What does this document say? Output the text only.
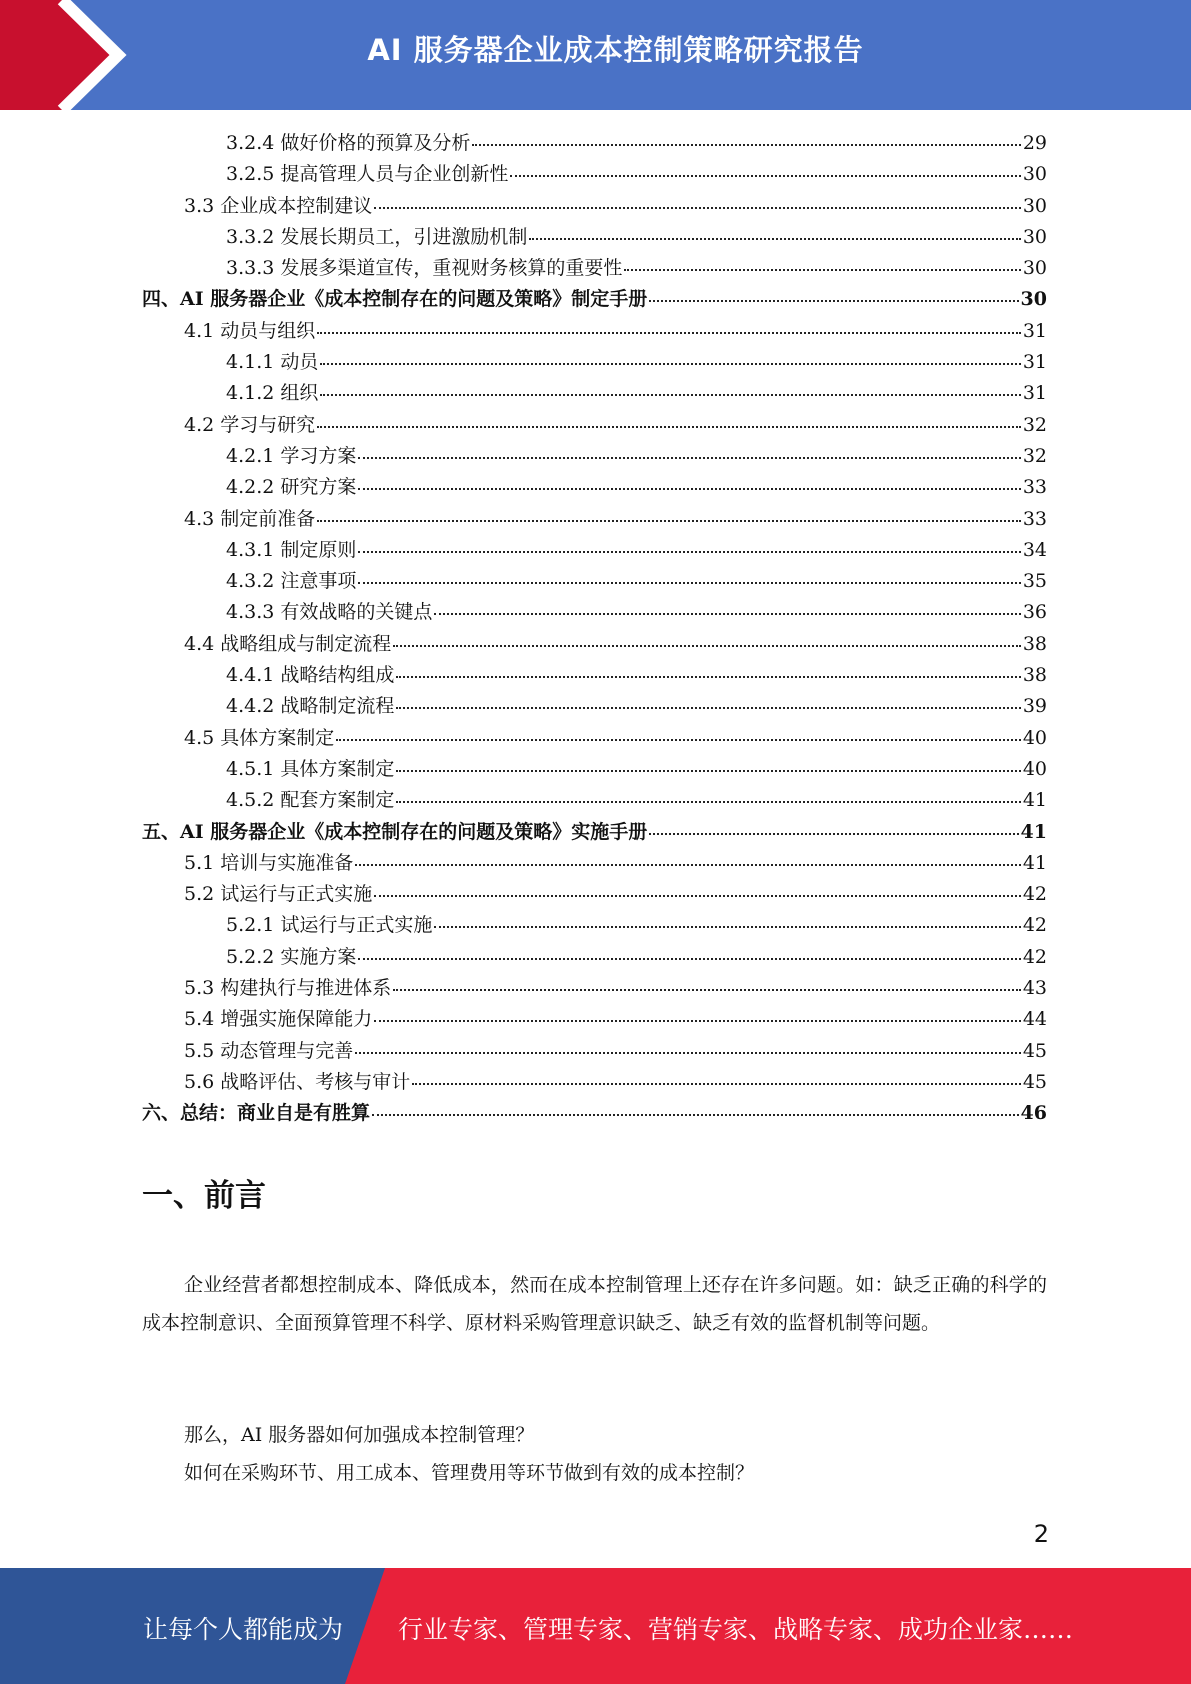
AI 服务器企业成本控制策略研究报告
3.2.4 做好价格的预算及分析	29
3.2.5 提高管理人员与企业创新性	30
3.3 企业成本控制建议	30
3.3.2 发展长期员工，引进激励机制	30
3.3.3 发展多渠道宣传，重视财务核算的重要性	30
四、AI 服务器企业《成本控制存在的问题及策略》制定手册	30
4.1 动员与组织	31
4.1.1 动员	31
4.1.2 组织	31
4.2 学习与研究	32
4.2.1 学习方案	32
4.2.2 研究方案	33
4.3 制定前准备	33
4.3.1 制定原则	34
4.3.2 注意事项	35
4.3.3 有效战略的关键点	36
4.4 战略组成与制定流程	38
4.4.1 战略结构组成	38
4.4.2 战略制定流程	39
4.5 具体方案制定	40
4.5.1 具体方案制定	40
4.5.2 配套方案制定	41
五、AI 服务器企业《成本控制存在的问题及策略》实施手册	41
5.1 培训与实施准备	41
5.2 试运行与正式实施	42
5.2.1 试运行与正式实施	42
5.2.2 实施方案	42
5.3 构建执行与推进体系	43
5.4 增强实施保障能力	44
5.5 动态管理与完善	45
5.6 战略评估、考核与审计	45
六、总结：商业自是有胜算	46
一、前言
企业经营者都想控制成本、降低成本，然而在成本控制管理上还存在许多问题。如：缺乏正确的科学的成本控制意识、全面预算管理不科学、原材料采购管理意识缺乏、缺乏有效的监督机制等问题。
那么，AI 服务器如何加强成本控制管理？
如何在采购环节、用工成本、管理费用等环节做到有效的成本控制？
2
让每个人都能成为 行业专家、管理专家、营销专家、战略专家、成功企业家……
